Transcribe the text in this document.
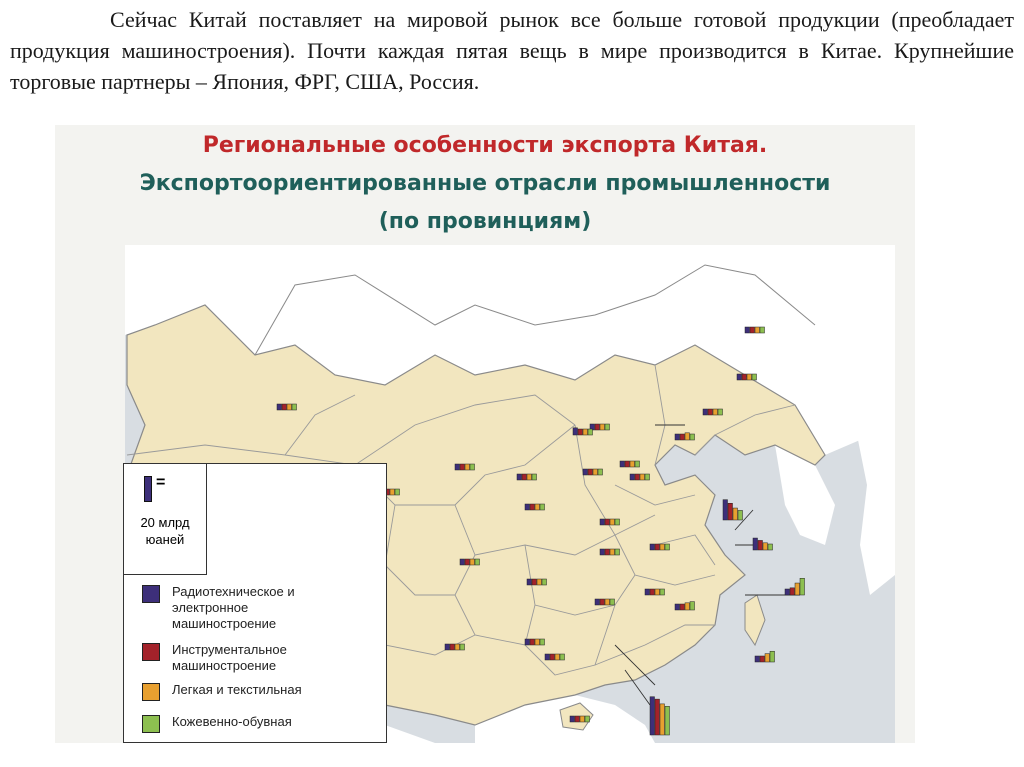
Сейчас Китай поставляет на мировой рынок все больше готовой продукции (преобладает продукция машиностроения). Почти каждая пятая вещь в мире производится в Китае. Крупнейшие торговые партнеры – Япония, ФРГ, США, Россия.

Региональные особенности экспорта Китая.
Экспортоориентированные отрасли промышленности
(по провинциям)
=
20 млрд
юаней
Радиотехническое и
электронное
машиностроение
Инструментальное
машиностроение
Легкая и текстильная
Кожевенно-обувная
